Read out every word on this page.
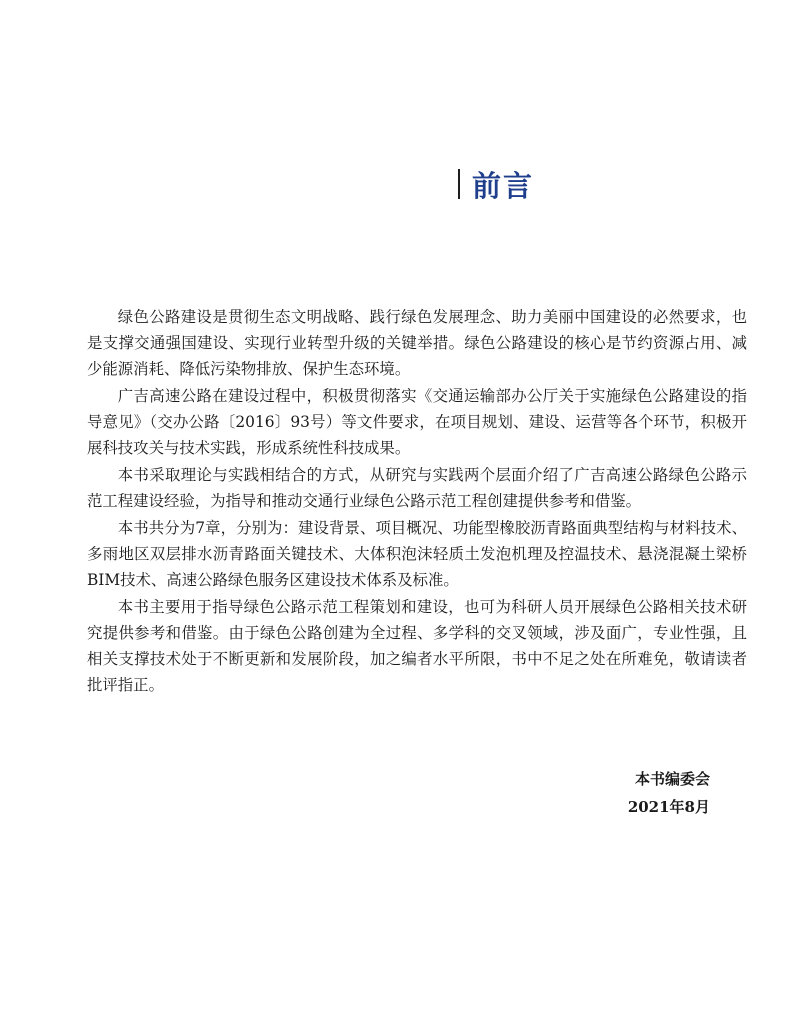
前言

绿色公路建设是贯彻生态文明战略、践行绿色发展理念、助力美丽中国建设的必然要求，也是支撑交通强国建设、实现行业转型升级的关键举措。绿色公路建设的核心是节约资源占用、减少能源消耗、降低污染物排放、保护生态环境。

广吉高速公路在建设过程中，积极贯彻落实《交通运输部办公厅关于实施绿色公路建设的指导意见》（交办公路〔2016〕93号）等文件要求，在项目规划、建设、运营等各个环节，积极开展科技攻关与技术实践，形成系统性科技成果。

本书采取理论与实践相结合的方式，从研究与实践两个层面介绍了广吉高速公路绿色公路示范工程建设经验，为指导和推动交通行业绿色公路示范工程创建提供参考和借鉴。

本书共分为7章，分别为：建设背景、项目概况、功能型橡胶沥青路面典型结构与材料技术、多雨地区双层排水沥青路面关键技术、大体积泡沫轻质土发泡机理及控温技术、悬浇混凝土梁桥BIM技术、高速公路绿色服务区建设技术体系及标准。

本书主要用于指导绿色公路示范工程策划和建设，也可为科研人员开展绿色公路相关技术研究提供参考和借鉴。由于绿色公路创建为全过程、多学科的交叉领域，涉及面广，专业性强，且相关支撑技术处于不断更新和发展阶段，加之编者水平所限，书中不足之处在所难免，敬请读者批评指正。

本书编委会
2021年8月
